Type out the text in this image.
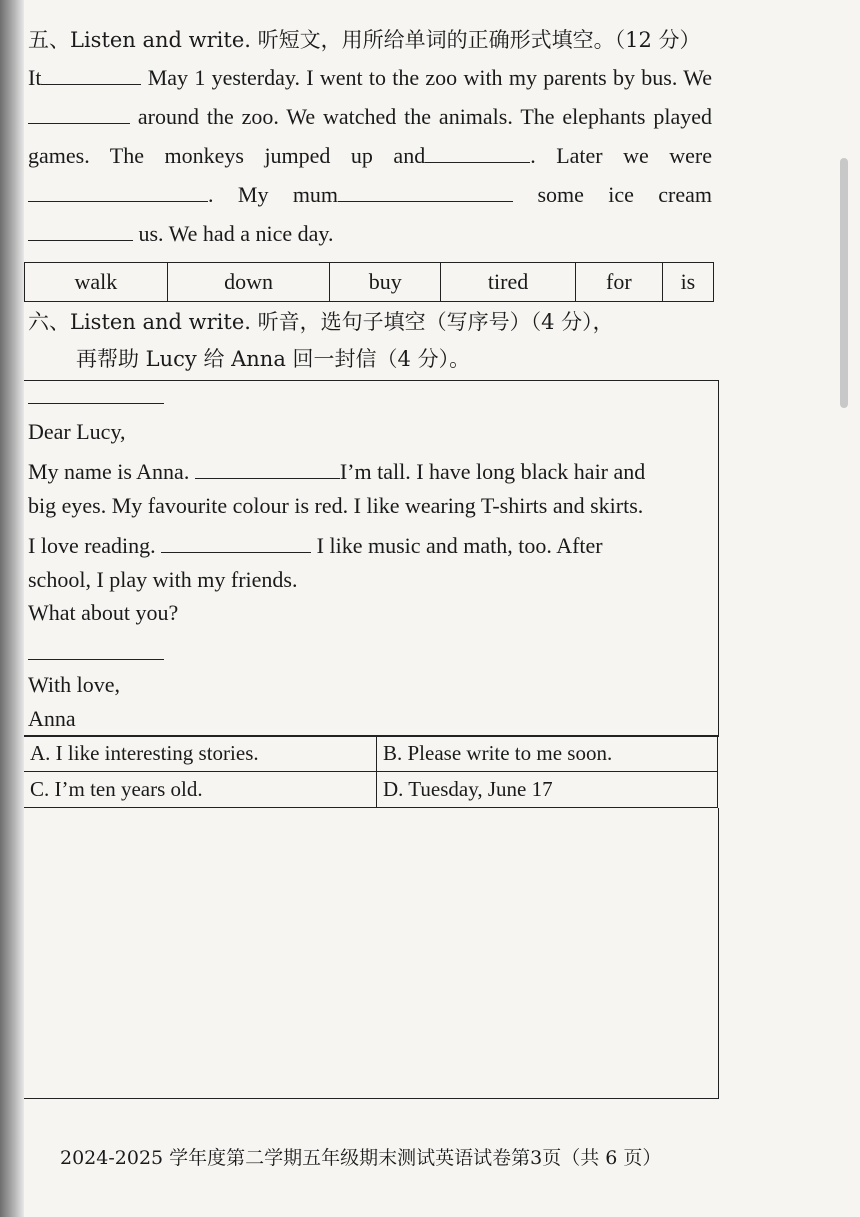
五、Listen and write. 听短文，用所给单词的正确形式填空。（12 分）
It	May 1 yesterday. I went to the zoo with my parents by bus. We around the zoo. We watched the animals. The elephants played games. The monkeys jumped up and	. Later we were. My mum	some ice cream us. We had a nice day.
walk	down	buy	tired	for	is
六、Listen and write. 听音，选句子填空（写序号）（4 分），
再帮助 Lucy 给 Anna 回一封信（4 分）。
Dear Lucy,
My name is Anna.	I’m tall. I have long black hair and
big eyes. My favourite colour is red. I like wearing T-shirts and skirts.
I love reading.	I like music and math, too. After
school, I play with my friends.
What about you?
With love,
Anna
A. I like interesting stories.	B. Please write to me soon.
C. I’m ten years old.	D. Tuesday, June 17
2024-2025 学年度第二学期五年级期末测试英语试卷第3页（共 6 页）
